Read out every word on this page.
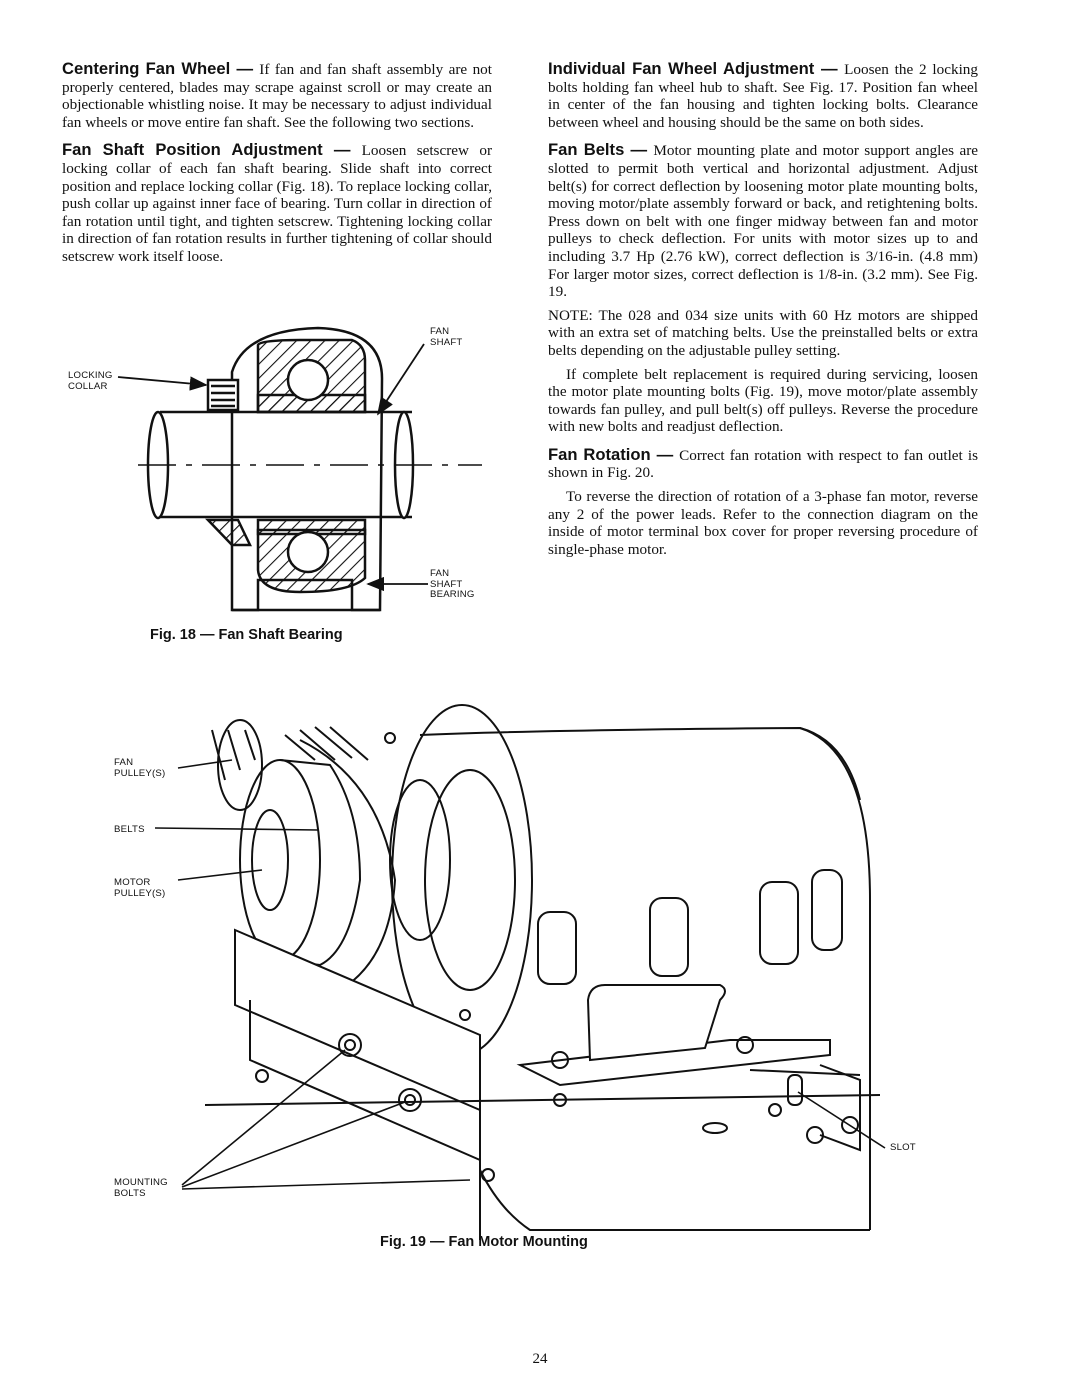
Centering Fan Wheel — If fan and fan shaft assembly are not properly centered, blades may scrape against scroll or may create an objectionable whistling noise. It may be necessary to adjust individual fan wheels or move entire fan shaft. See the following two sections.

Fan Shaft Position Adjustment — Loosen setscrew or locking collar of each fan shaft bearing. Slide shaft into correct position and replace locking collar (Fig. 18). To replace locking collar, push collar up against inner face of bearing. Turn collar in direction of fan rotation until tight, and tighten setscrew. Tightening locking collar in direction of fan rotation results in further tightening of collar should setscrew work itself loose.

Individual Fan Wheel Adjustment — Loosen the 2 locking bolts holding fan wheel hub to shaft. See Fig. 17. Position fan wheel in center of the fan housing and tighten locking bolts. Clearance between wheel and housing should be the same on both sides.

Fan Belts — Motor mounting plate and motor support angles are slotted to permit both vertical and horizontal adjustment. Adjust belt(s) for correct deflection by loosening motor plate mounting bolts, moving motor/plate assembly forward or back, and retightening bolts. Press down on belt with one finger midway between fan and motor pulleys to check deflection. For units with motor sizes up to and including 3.7 Hp (2.76 kW), correct deflection is 3/16-in. (4.8 mm) For larger motor sizes, correct deflection is 1/8-in. (3.2 mm). See Fig. 19.

NOTE: The 028 and 034 size units with 60 Hz motors are shipped with an extra set of matching belts. Use the preinstalled belts or extra belts depending on the adjustable pulley setting.

If complete belt replacement is required during servicing, loosen the motor plate mounting bolts (Fig. 19), move motor/plate assembly towards fan pulley, and pull belt(s) off pulleys. Reverse the procedure with new bolts and readjust deflection.

Fan Rotation — Correct fan rotation with respect to fan outlet is shown in Fig. 20.

To reverse the direction of rotation of a 3-phase fan motor, reverse any 2 of the power leads. Refer to the connection diagram on the inside of motor terminal box cover for proper reversing procedure of single-phase motor.

FAN
SHAFT
LOCKING
COLLAR
FAN
SHAFT
BEARING
Fig. 18 — Fan Shaft Bearing
FAN
PULLEY(S)
BELTS
MOTOR
PULLEY(S)
MOUNTING
BOLTS
SLOT
Fig. 19 — Fan Motor Mounting
24
